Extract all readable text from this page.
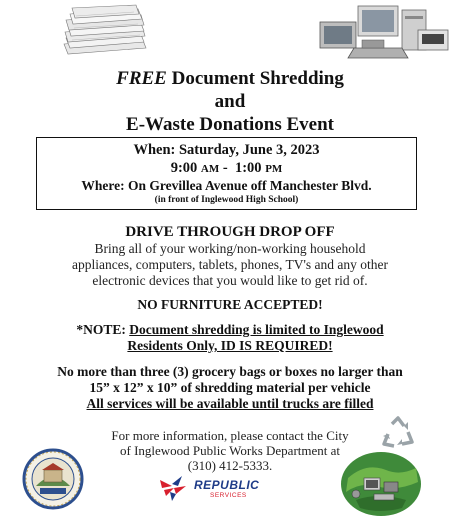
FREE Document Shredding
and
E-Waste Donations Event
When: Saturday, June 3, 2023
9:00 AM -  1:00 PM
Where: On Grevillea Avenue off Manchester Blvd.
(in front of Inglewood High School)
DRIVE THROUGH DROP OFF
Bring all of your working/non-working household
appliances, computers, tablets, phones, TV's and any other
electronic devices that you would like to get rid of.
NO FURNITURE ACCEPTED!
*NOTE: Document shredding is limited to Inglewood
Residents Only, ID IS REQUIRED!
No more than three (3) grocery bags or boxes no larger than
15” x 12” x 10” of shredding material per vehicle
All services will be available until trucks are filled
For more information, please contact the City
of Inglewood Public Works Department at
(310) 412-5333.
REPUBLIC
SERVICES
